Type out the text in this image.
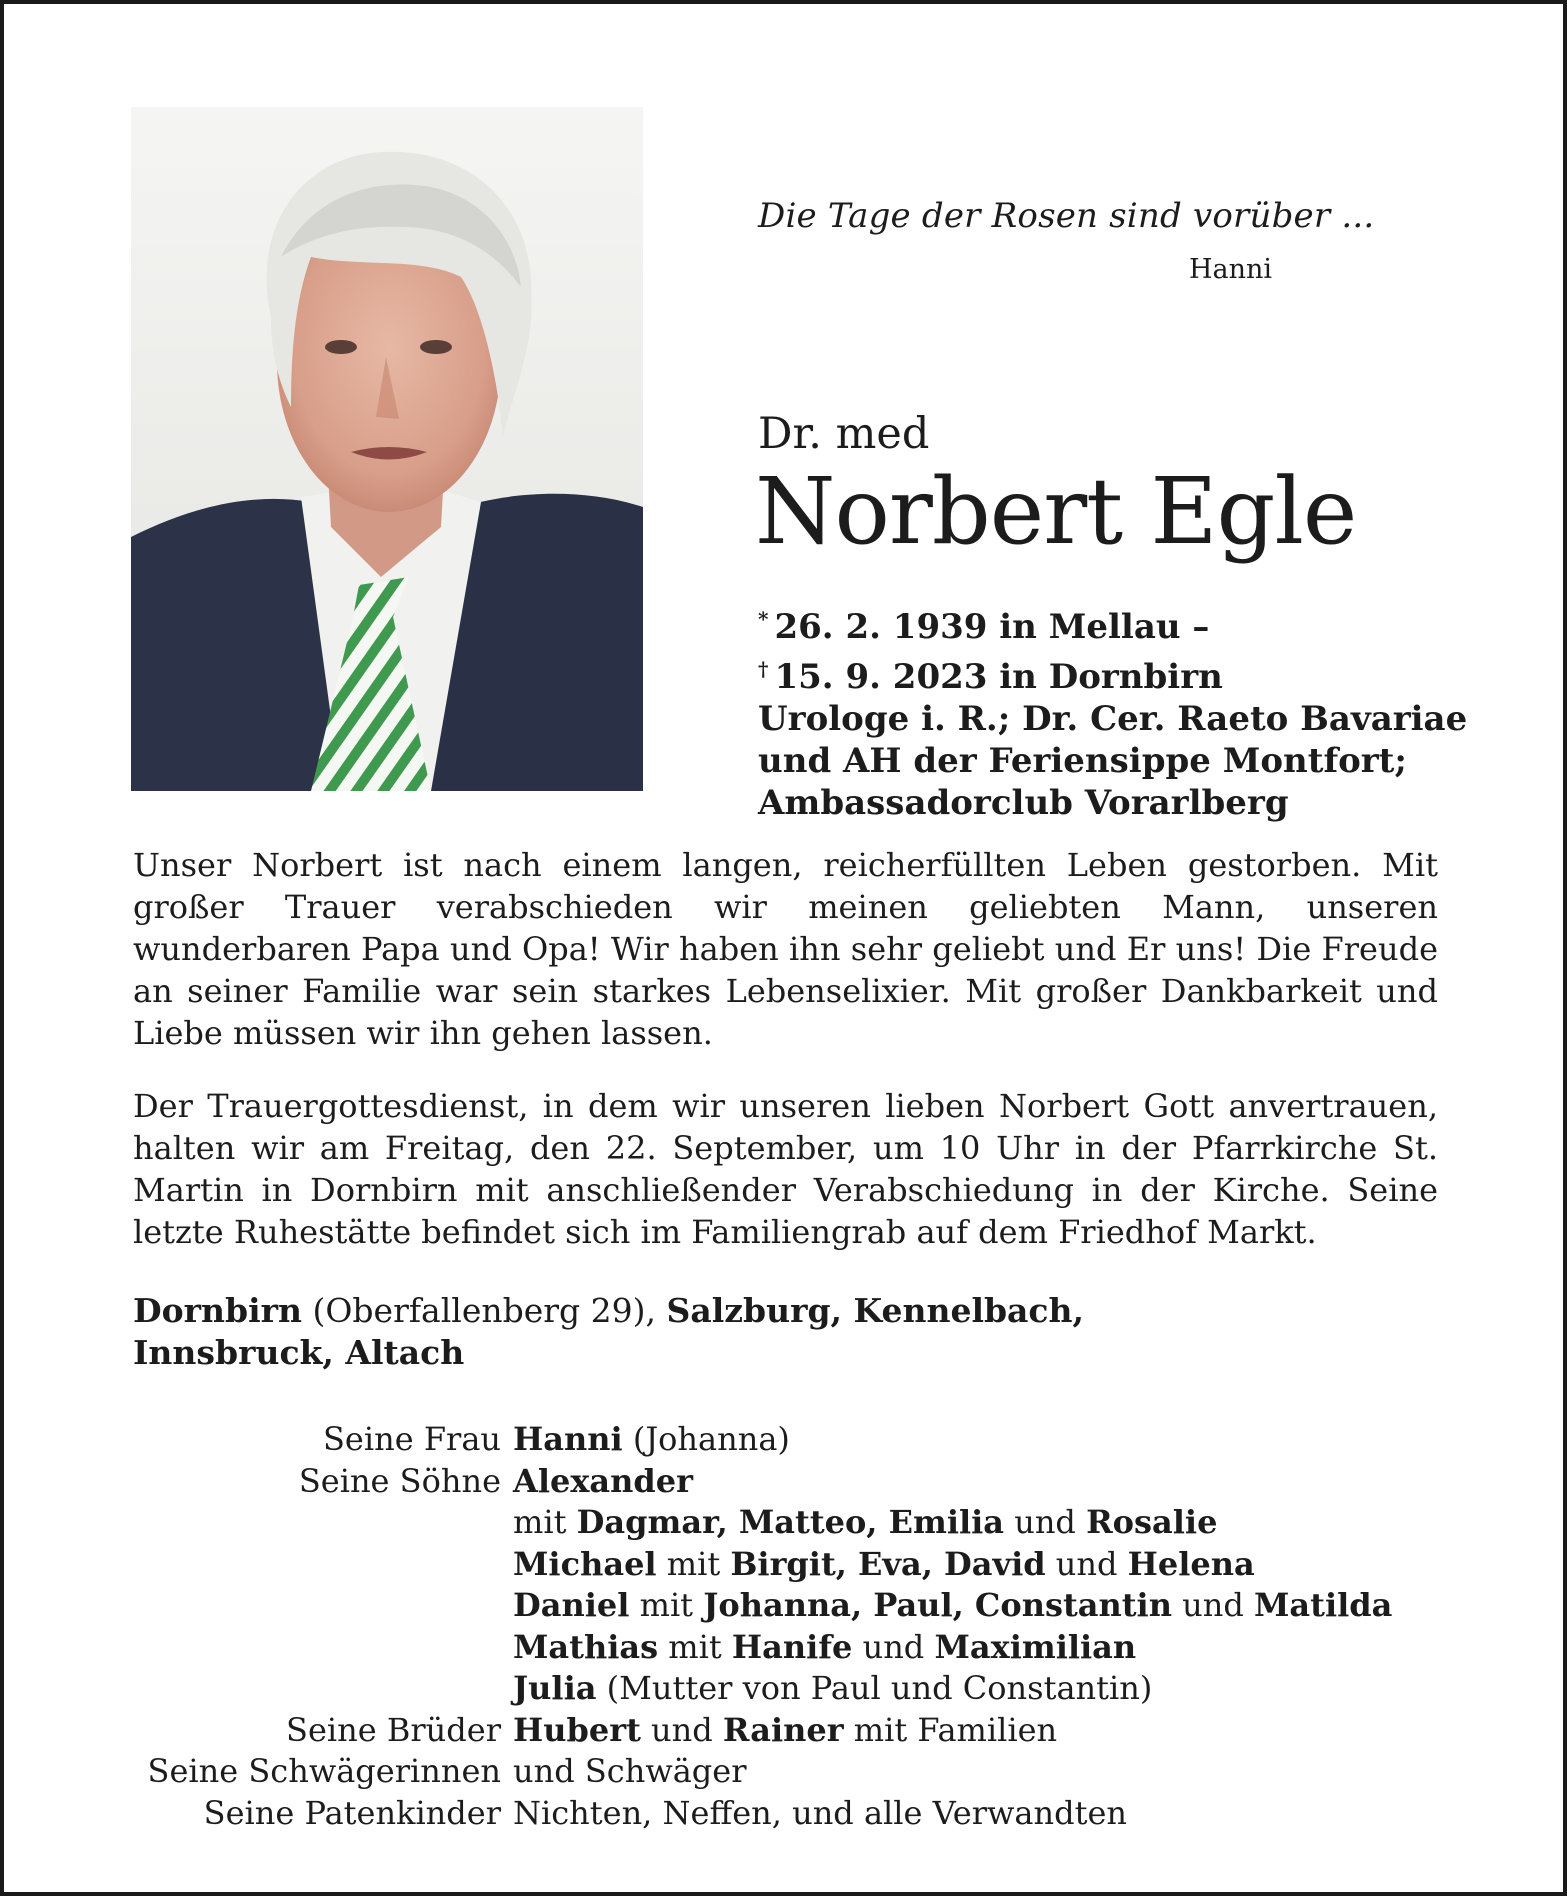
Die Tage der Rosen sind vorüber ...
Hanni
Dr. med
Norbert Egle
* 26. 2. 1939 in Mellau –
† 15. 9. 2023 in Dornbirn
Urologe i. R.; Dr. Cer. Raeto Bavariae
und AH der Feriensippe Montfort;
Ambassadorclub Vorarlberg

Unser Norbert ist nach einem langen, reicherfüllten Leben gestorben. Mit großer Trauer verabschieden wir meinen geliebten Mann, unseren wunderbaren Papa und Opa! Wir haben ihn sehr geliebt und Er uns! Die Freude an seiner Familie war sein starkes Lebenselixier. Mit großer Dankbarkeit und Liebe müssen wir ihn gehen lassen.

Der Trauergottesdienst, in dem wir unseren lieben Norbert Gott anvertrauen, halten wir am Freitag, den 22. September, um 10 Uhr in der Pfarrkirche St. Martin in Dornbirn mit anschließender Verabschiedung in der Kirche. Seine letzte Ruhestätte befindet sich im Familiengrab auf dem Friedhof Markt.

Dornbirn (Oberfallenberg 29), Salzburg, Kennelbach,
Innsbruck, Altach
Seine Frau Hanni (Johanna)
Seine Söhne Alexander
mit Dagmar, Matteo, Emilia und Rosalie
Michael mit Birgit, Eva, David und Helena
Daniel mit Johanna, Paul, Constantin und Matilda
Mathias mit Hanife und Maximilian
Julia (Mutter von Paul und Constantin)
Seine Brüder Hubert und Rainer mit Familien
Seine Schwägerinnen und Schwäger
Seine Patenkinder Nichten, Neffen, und alle Verwandten
